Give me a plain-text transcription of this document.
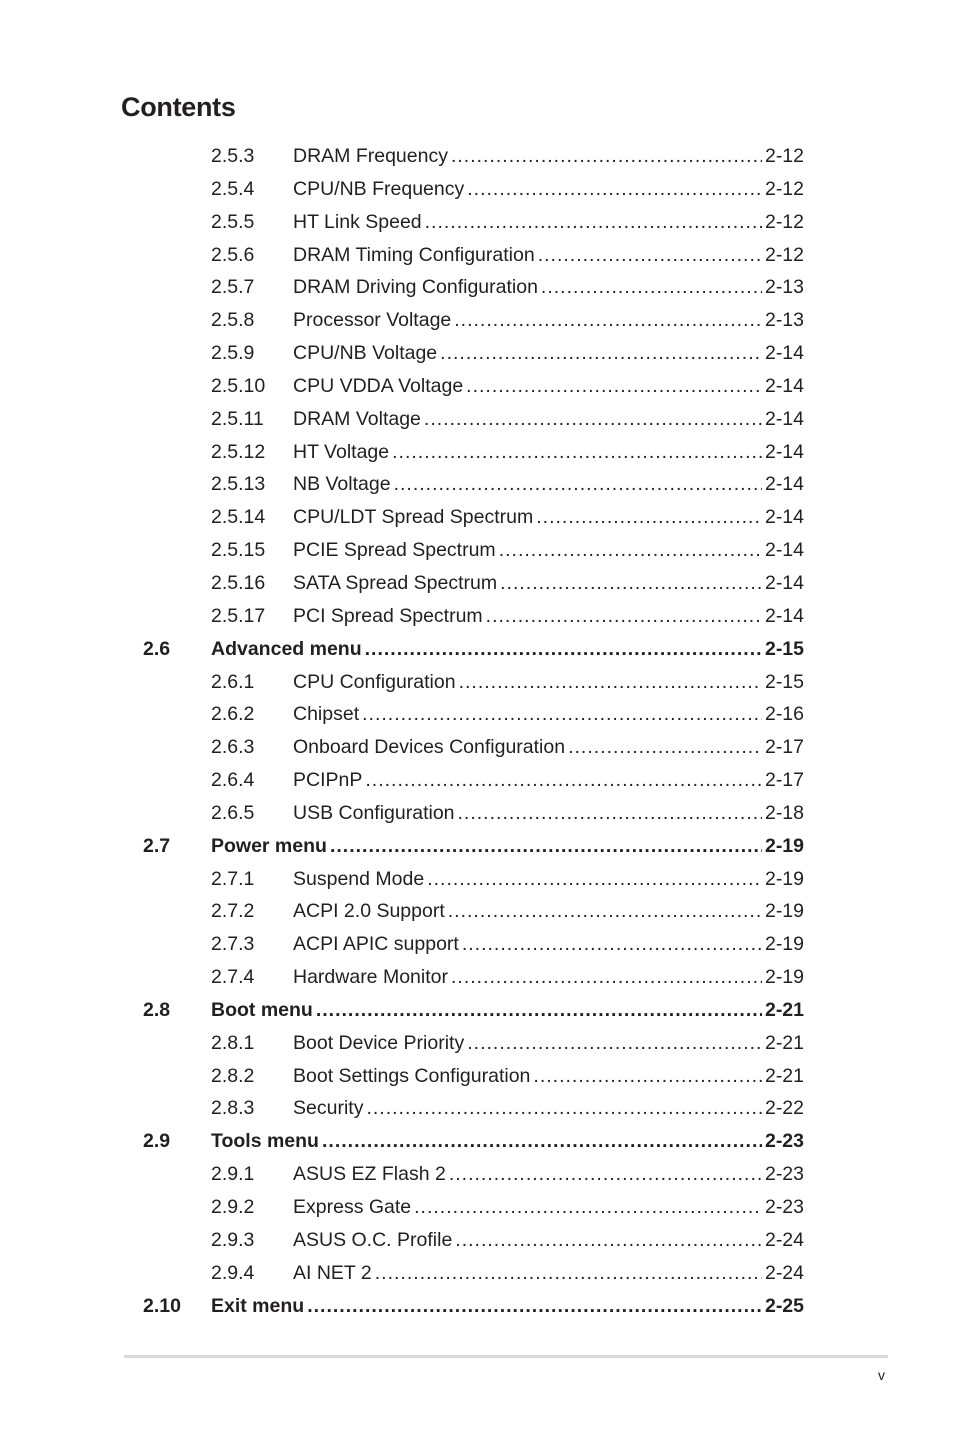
Contents
2.5.3 DRAM Frequency .....	2-12
2.5.4 CPU/NB Frequency .....	2-12
2.5.5 HT Link Speed .....	2-12
2.5.6 DRAM Timing Configuration .....	2-12
2.5.7 DRAM Driving Configuration .....	2-13
2.5.8 Processor Voltage .....	2-13
2.5.9 CPU/NB Voltage .....	2-14
2.5.10 CPU VDDA Voltage .....	2-14
2.5.11 DRAM Voltage .....	2-14
2.5.12 HT Voltage .....	2-14
2.5.13 NB Voltage .....	2-14
2.5.14 CPU/LDT Spread Spectrum .....	2-14
2.5.15 PCIE Spread Spectrum .....	2-14
2.5.16 SATA Spread Spectrum .....	2-14
2.5.17 PCI Spread Spectrum .....	2-14
2.6 Advanced menu .....	2-15
2.6.1 CPU Configuration .....	2-15
2.6.2 Chipset .....	2-16
2.6.3 Onboard Devices Configuration .....	2-17
2.6.4 PCIPnP .....	2-17
2.6.5 USB Configuration .....	2-18
2.7 Power menu .....	2-19
2.7.1 Suspend Mode .....	2-19
2.7.2 ACPI 2.0 Support .....	2-19
2.7.3 ACPI APIC support .....	2-19
2.7.4 Hardware Monitor .....	2-19
2.8 Boot menu .....	2-21
2.8.1 Boot Device Priority .....	2-21
2.8.2 Boot Settings Configuration .....	2-21
2.8.3 Security .....	2-22
2.9 Tools menu .....	2-23
2.9.1 ASUS EZ Flash 2 .....	2-23
2.9.2 Express Gate .....	2-23
2.9.3 ASUS O.C. Profile .....	2-24
2.9.4 AI NET 2 .....	2-24
2.10 Exit menu .....	2-25
v
